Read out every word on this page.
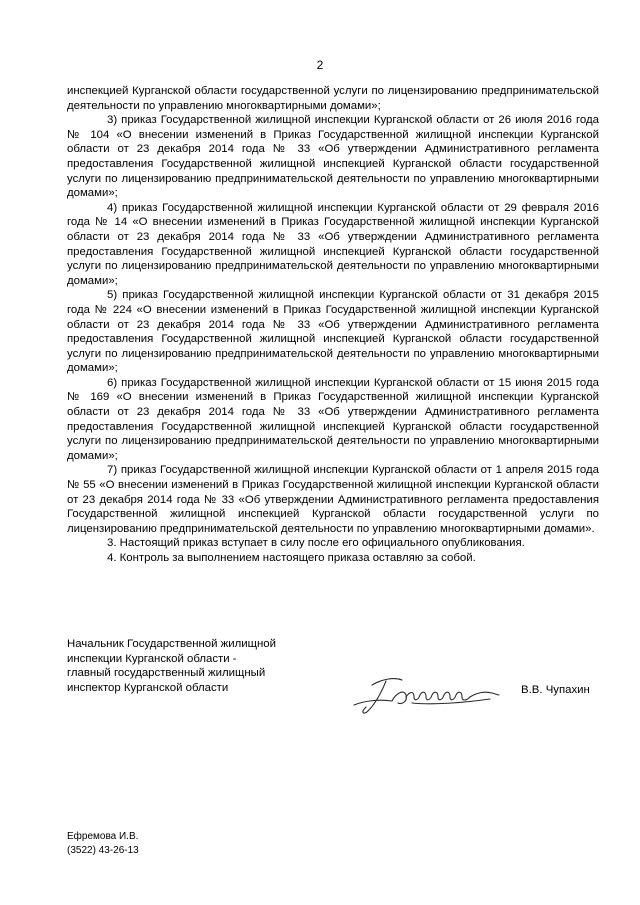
2

инспекцией Курганской области государственной услуги по лицензированию предпринимательской деятельности по управлению многоквартирными домами»;

3) приказ Государственной жилищной инспекции Курганской области от 26 июля 2016 года № 104 «О внесении изменений в Приказ Государственной жилищной инспекции Курганской области от 23 декабря 2014 года № 33 «Об утверждении Административного регламента предоставления Государственной жилищной инспекцией Курганской области государственной услуги по лицензированию предпринимательской деятельности по управлению многоквартирными домами»;

4) приказ Государственной жилищной инспекции Курганской области от 29 февраля 2016 года № 14 «О внесении изменений в Приказ Государственной жилищной инспекции Курганской области от 23 декабря 2014 года № 33 «Об утверждении Административного регламента предоставления Государственной жилищной инспекцией Курганской области государственной услуги по лицензированию предпринимательской деятельности по управлению многоквартирными домами»;

5) приказ Государственной жилищной инспекции Курганской области от 31 декабря 2015 года № 224 «О внесении изменений в Приказ Государственной жилищной инспекции Курганской области от 23 декабря 2014 года № 33 «Об утверждении Административного регламента предоставления Государственной жилищной инспекцией Курганской области государственной услуги по лицензированию предпринимательской деятельности по управлению многоквартирными домами»;

6) приказ Государственной жилищной инспекции Курганской области от 15 июня 2015 года № 169 «О внесении изменений в Приказ Государственной жилищной инспекции Курганской области от 23 декабря 2014 года № 33 «Об утверждении Административного регламента предоставления Государственной жилищной инспекцией Курганской области государственной услуги по лицензированию предпринимательской деятельности по управлению многоквартирными домами»;

7) приказ Государственной жилищной инспекции Курганской области от 1 апреля 2015 года № 55 «О внесении изменений в Приказ Государственной жилищной инспекции Курганской области от 23 декабря 2014 года № 33 «Об утверждении Административного регламента предоставления Государственной жилищной инспекцией Курганской области государственной услуги по лицензированию предпринимательской деятельности по управлению многоквартирными домами».

3. Настоящий приказ вступает в силу после его официального опубликования.

4. Контроль за выполнением настоящего приказа оставляю за собой.

Начальник Государственной жилищной
инспекции Курганской области -
главный государственный жилищный
инспектор Курганской области	В.В. Чупахин
Ефремова И.В.
(3522) 43-26-13
